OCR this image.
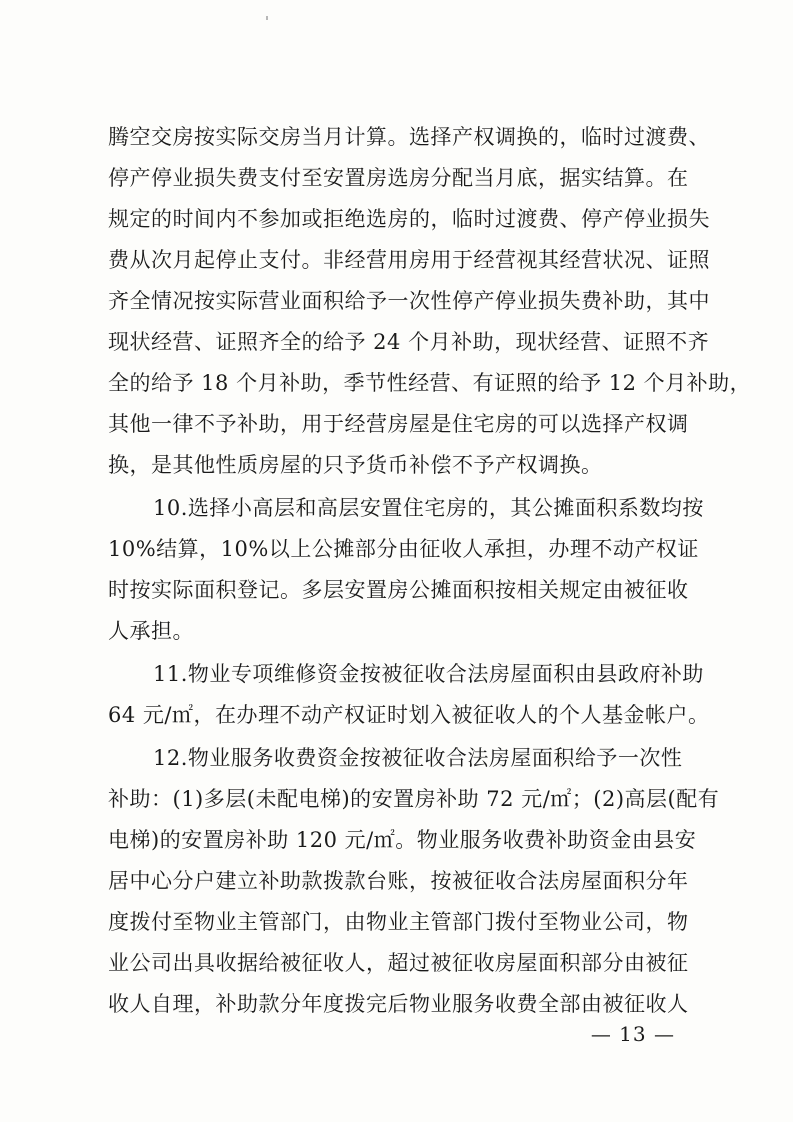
腾空交房按实际交房当月计算。选择产权调换的，临时过渡费、
停产停业损失费支付至安置房选房分配当月底，据实结算。在
规定的时间内不参加或拒绝选房的，临时过渡费、停产停业损失
费从次月起停止支付。非经营用房用于经营视其经营状况、证照
齐全情况按实际营业面积给予一次性停产停业损失费补助，其中
现状经营、证照齐全的给予 24 个月补助，现状经营、证照不齐
全的给予 18 个月补助，季节性经营、有证照的给予 12 个月补助，
其他一律不予补助，用于经营房屋是住宅房的可以选择产权调
换，是其他性质房屋的只予货币补偿不予产权调换。
10.选择小高层和高层安置住宅房的，其公摊面积系数均按
10%结算，10%以上公摊部分由征收人承担，办理不动产权证
时按实际面积登记。多层安置房公摊面积按相关规定由被征收
人承担。
11.物业专项维修资金按被征收合法房屋面积由县政府补助
64 元/㎡，在办理不动产权证时划入被征收人的个人基金帐户。
12.物业服务收费资金按被征收合法房屋面积给予一次性
补助：(1)多层(未配电梯)的安置房补助 72 元/㎡；(2)高层(配有
电梯)的安置房补助 120 元/㎡。物业服务收费补助资金由县安
居中心分户建立补助款拨款台账，按被征收合法房屋面积分年
度拨付至物业主管部门，由物业主管部门拨付至物业公司，物
业公司出具收据给被征收人，超过被征收房屋面积部分由被征
收人自理，补助款分年度拨完后物业服务收费全部由被征收人
— 13 —
